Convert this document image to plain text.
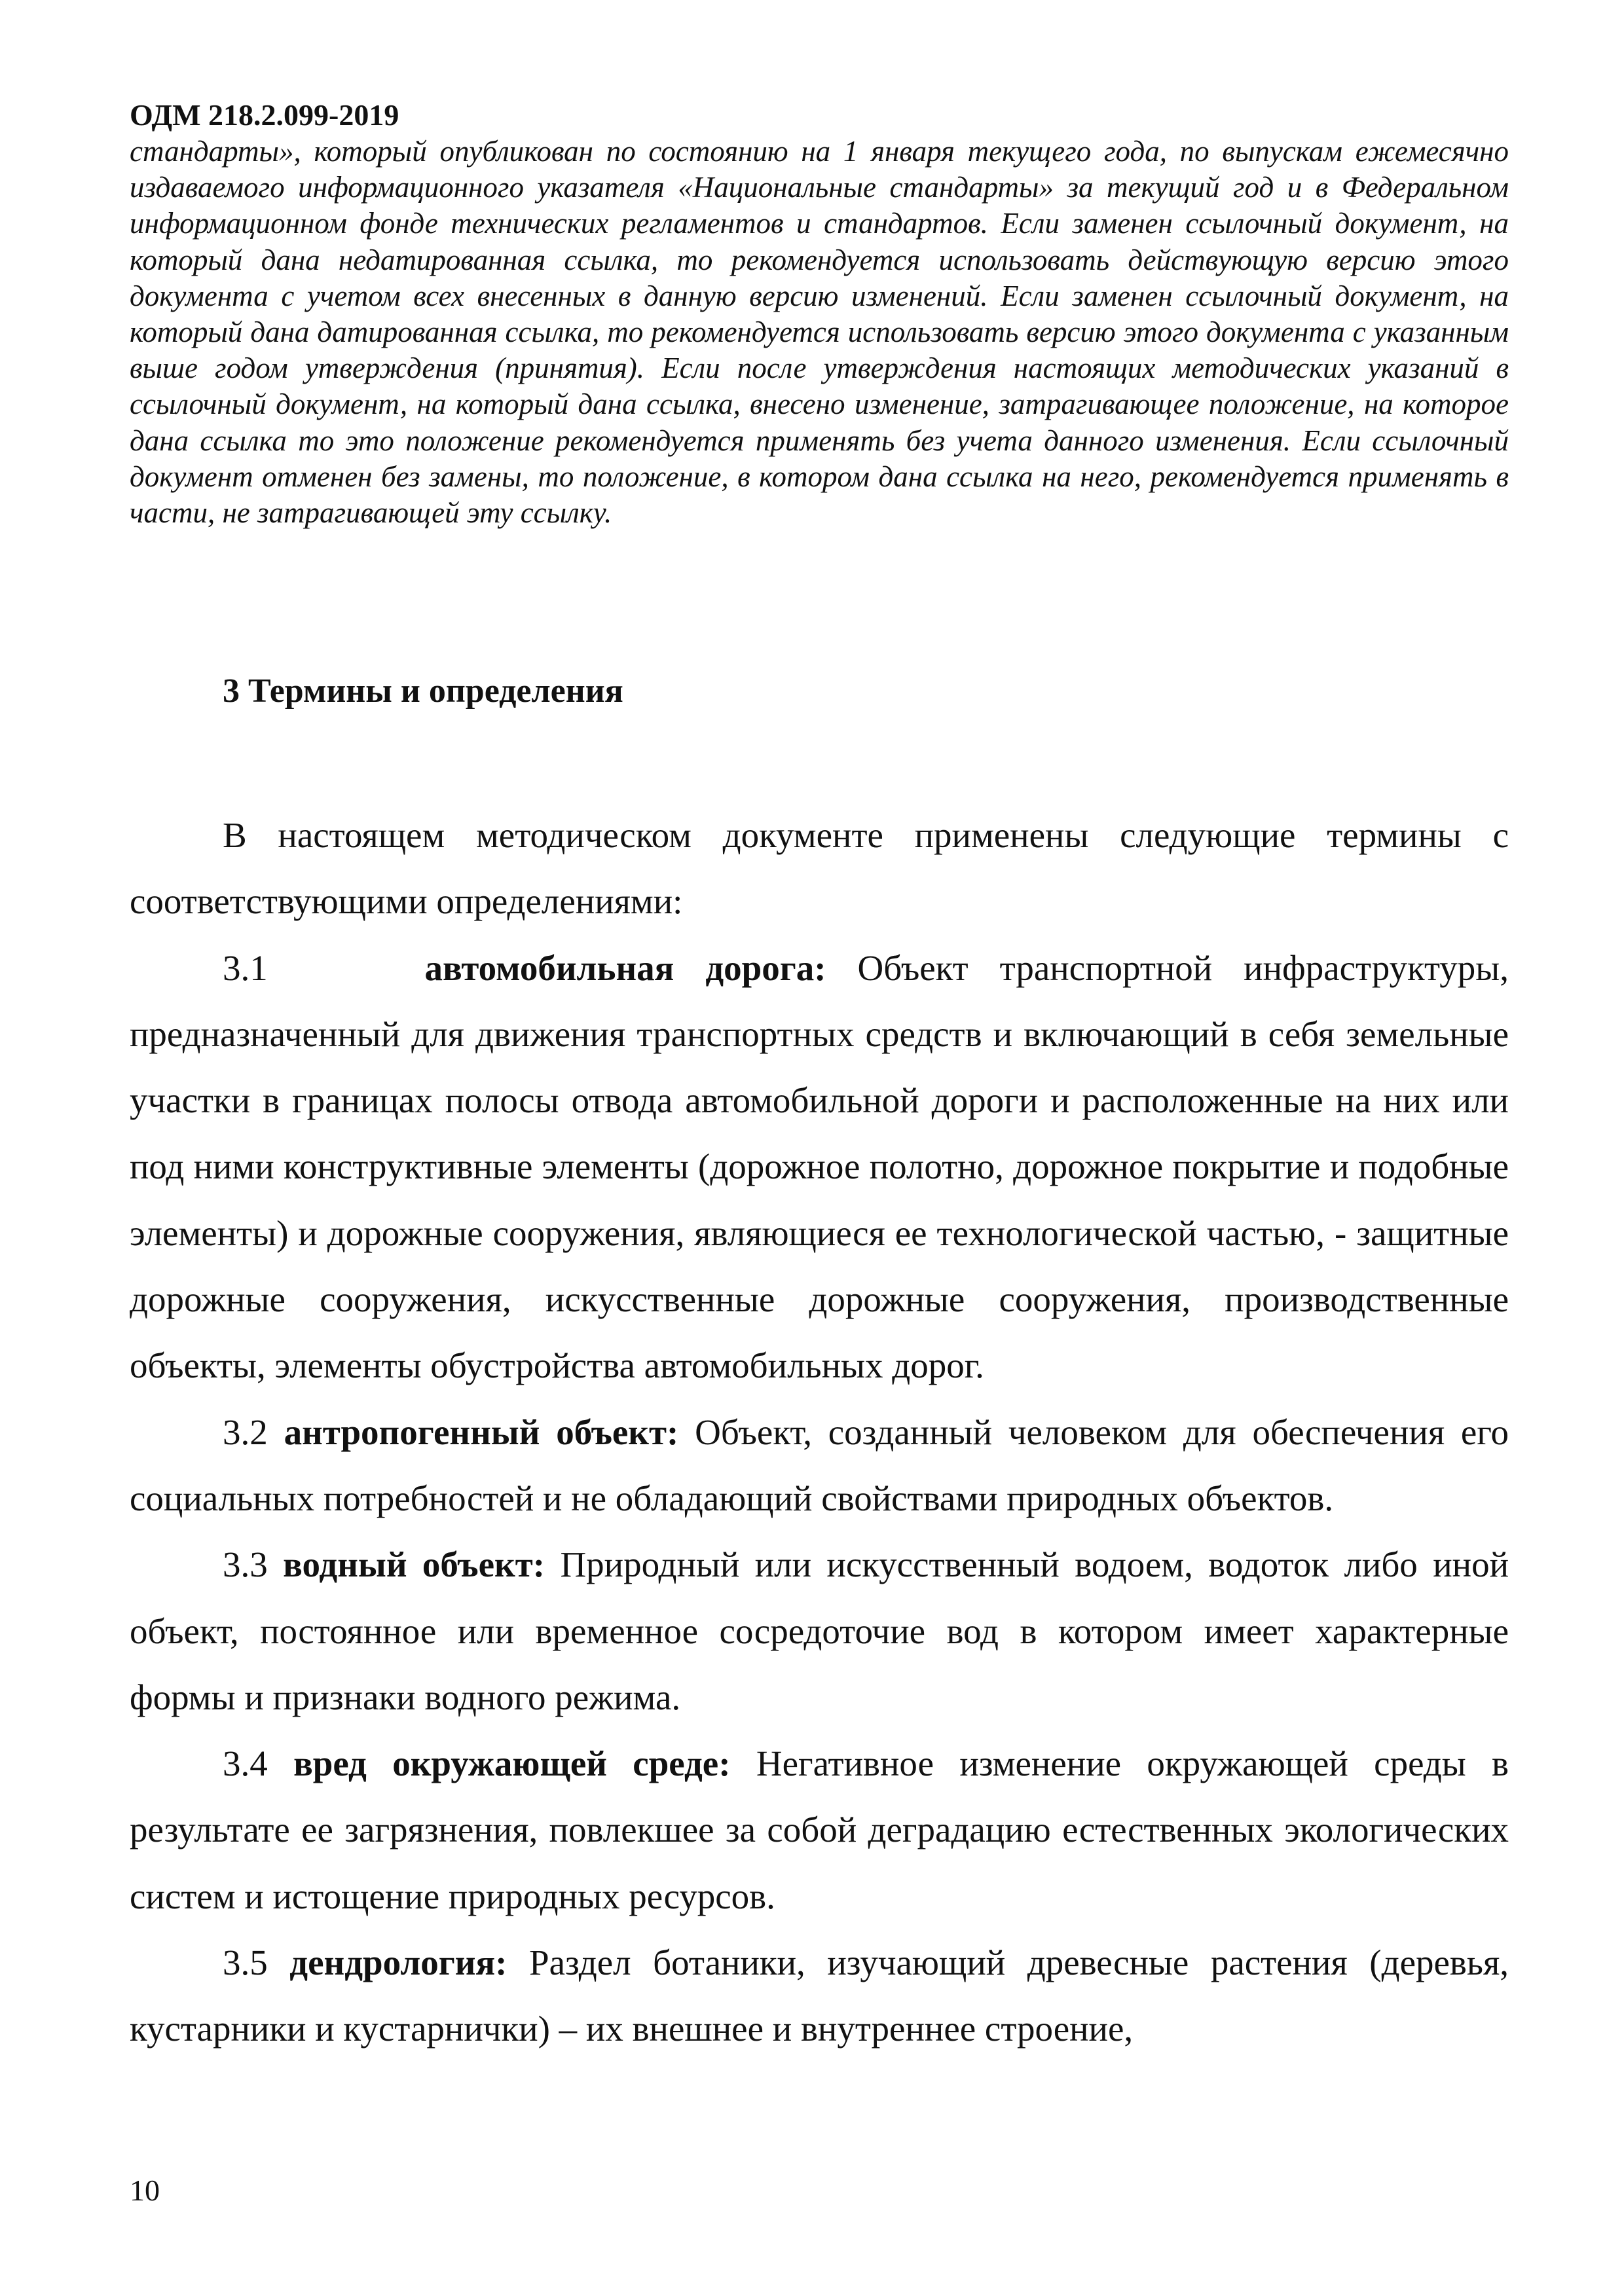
ОДМ 218.2.099-2019

стандарты», который опубликован по состоянию на 1 января текущего года, по выпускам ежемесячно издаваемого информационного указателя «Национальные стандарты» за текущий год и в Федеральном информационном фонде технических регламентов и стандартов. Если заменен ссылочный документ, на который дана недатированная ссылка, то рекомендуется использовать действующую версию этого документа с учетом всех внесенных в данную версию изменений. Если заменен ссылочный документ, на который дана датированная ссылка, то рекомендуется использовать версию этого документа с указанным выше годом утверждения (принятия). Если после утверждения настоящих методических указаний в ссылочный документ, на который дана ссылка, внесено изменение, затрагивающее положение, на которое дана ссылка то это положение рекомендуется применять без учета данного изменения. Если ссылочный документ отменен без замены, то положение, в котором дана ссылка на него, рекомендуется применять в части, не затрагивающей эту ссылку.

3 Термины и определения

В настоящем методическом документе применены следующие термины с соответствующими определениями:

3.1	автомобильная дорога: Объект транспортной инфраструктуры, предназначенный для движения транспортных средств и включающий в себя земельные участки в границах полосы отвода автомобильной дороги и расположенные на них или под ними конструктивные элементы (дорожное полотно, дорожное покрытие и подобные элементы) и дорожные сооружения, являющиеся ее технологической частью, - защитные дорожные сооружения, искусственные дорожные сооружения, производственные объекты, элементы обустройства автомобильных дорог.

3.2 антропогенный объект: Объект, созданный человеком для обеспечения его социальных потребностей и не обладающий свойствами природных объектов.

3.3 водный объект: Природный или искусственный водоем, водоток либо иной объект, постоянное или временное сосредоточие вод в котором имеет характерные формы и признаки водного режима.

3.4 вред окружающей среде: Негативное изменение окружающей среды в результате ее загрязнения, повлекшее за собой деградацию естественных экологических систем и истощение природных ресурсов.

3.5 дендрология: Раздел ботаники, изучающий древесные растения (деревья, кустарники и кустарнички) – их внешнее и внутреннее строение,

10
